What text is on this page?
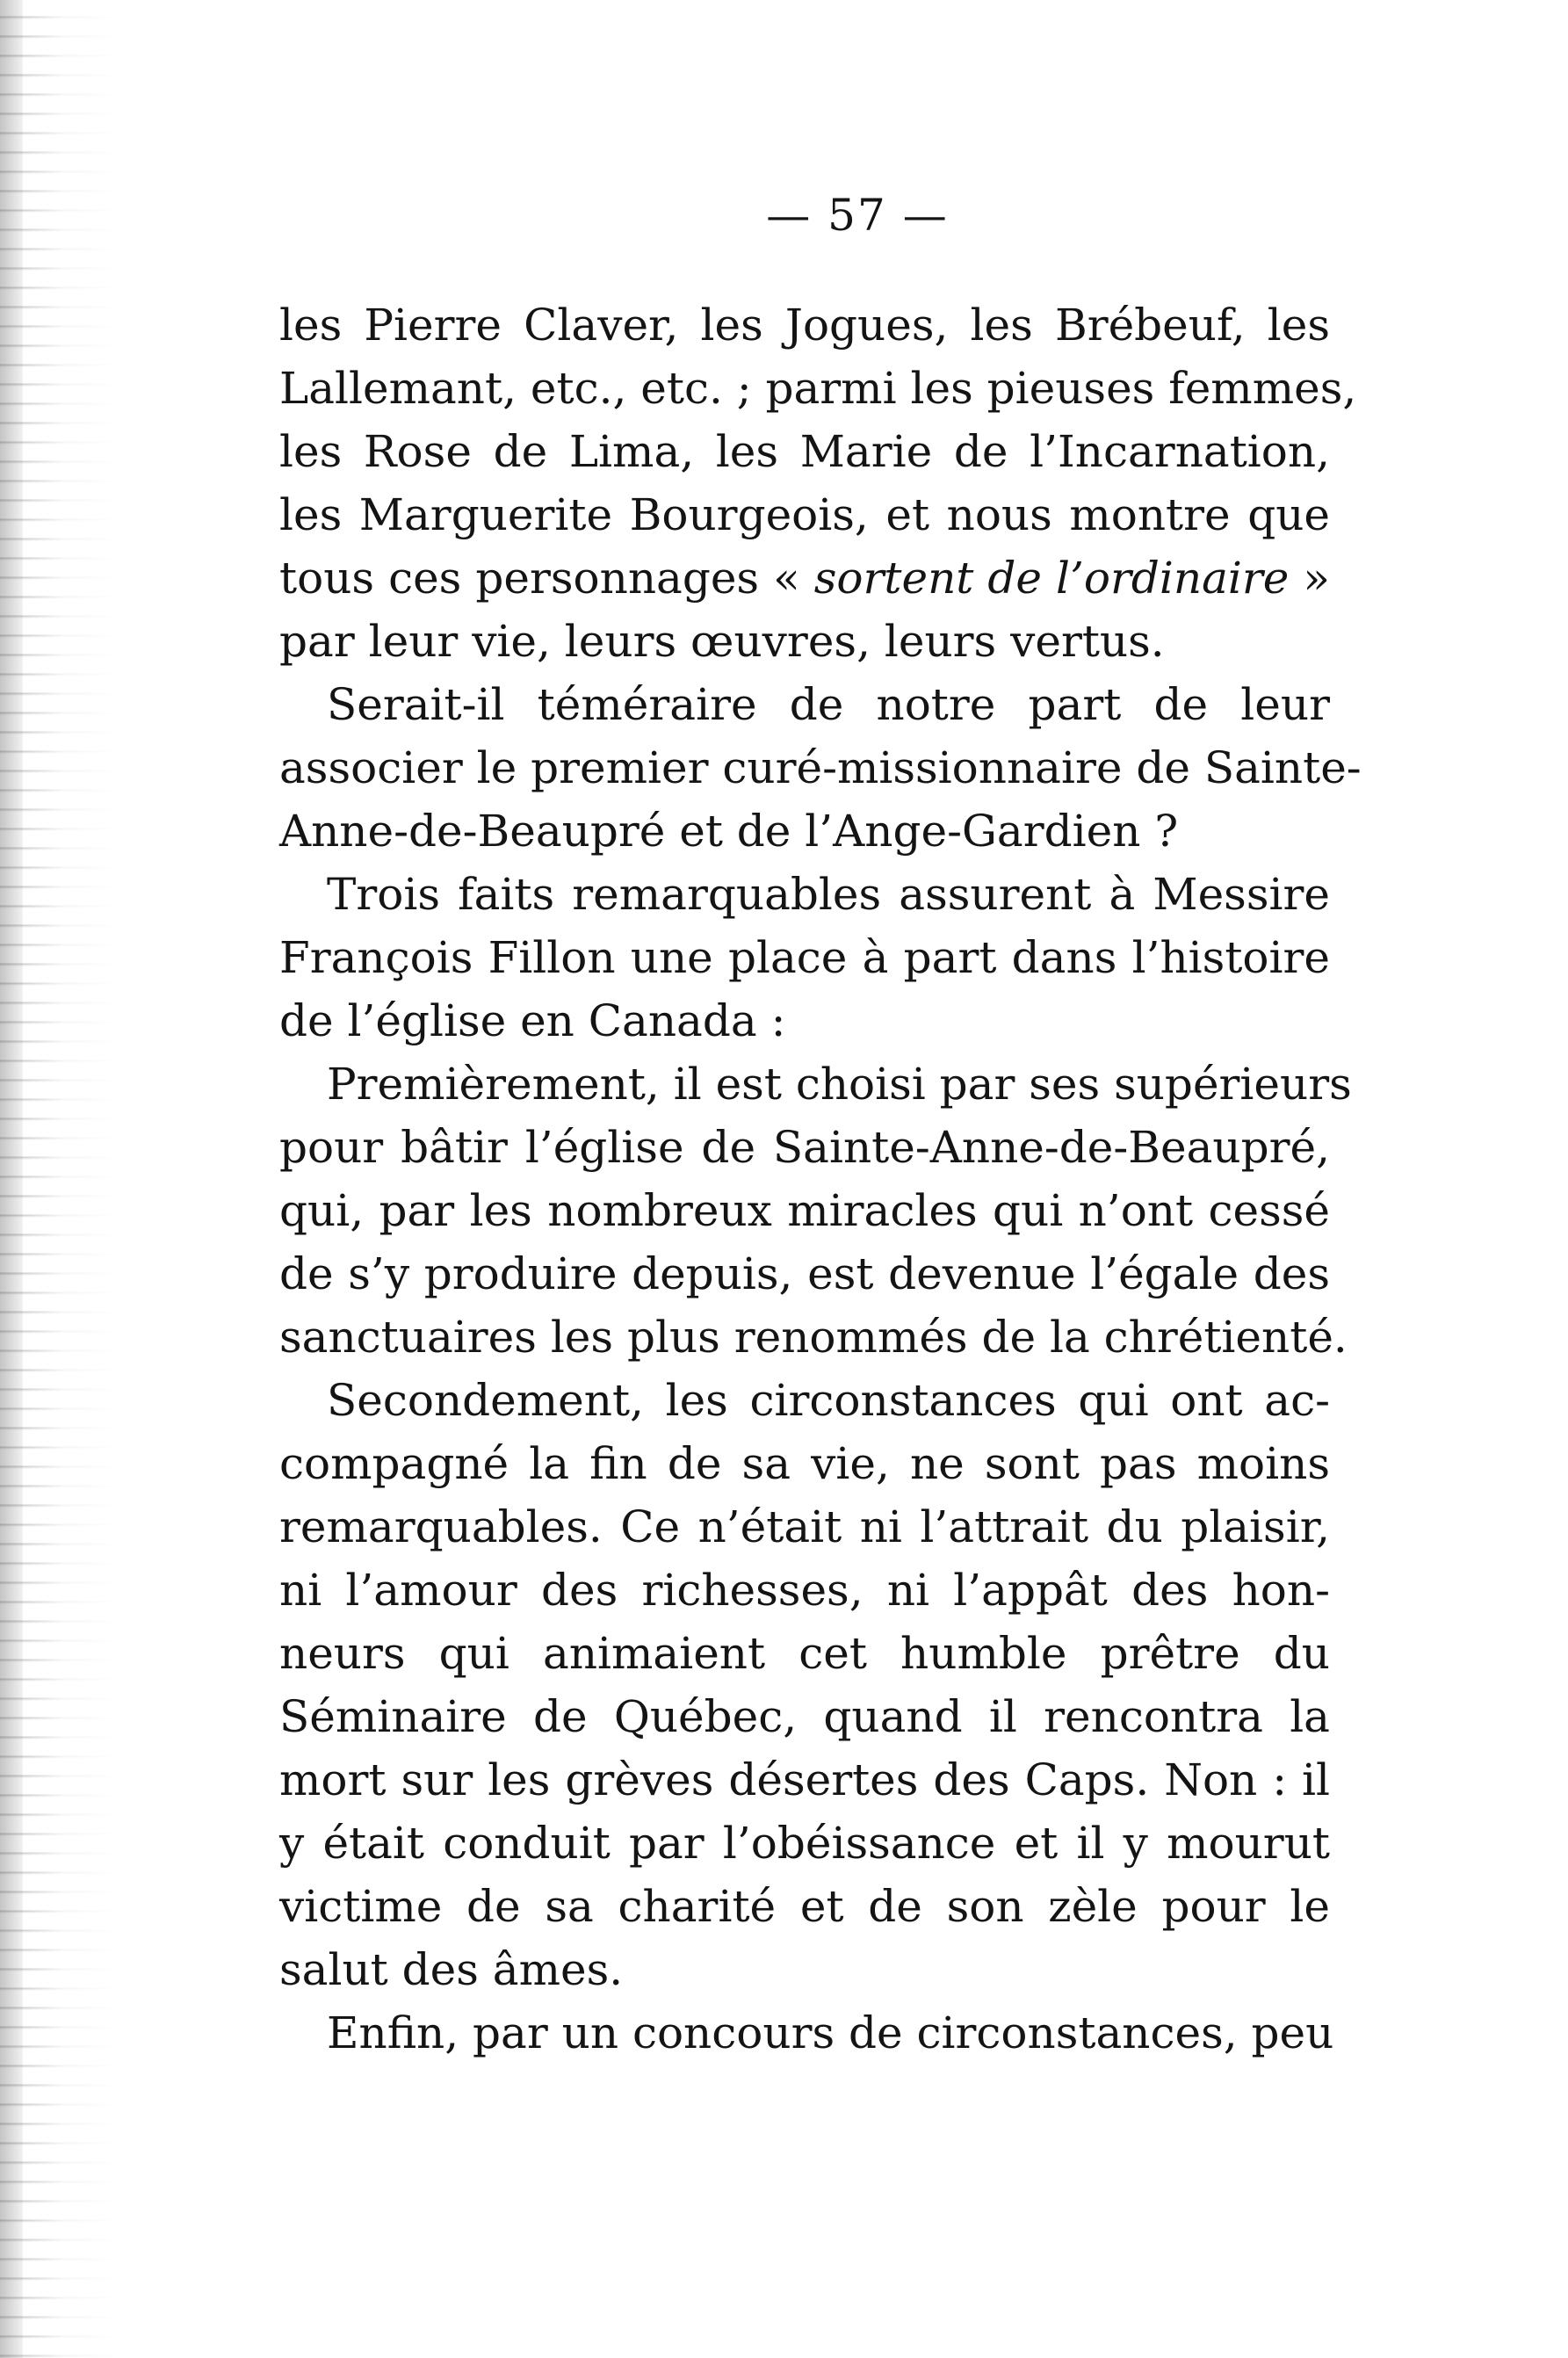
— 57 —
les Pierre Claver, les Jogues, les Brébeuf, les
Lallemant, etc., etc. ; parmi les pieuses femmes,
les Rose de Lima, les Marie de l’Incarnation,
les Marguerite Bourgeois, et nous montre que
tous ces personnages « sortent de l’ordinaire »
par leur vie, leurs œuvres, leurs vertus.
Serait-il téméraire de notre part de leur
associer le premier curé-missionnaire de Sainte-
Anne-de-Beaupré et de l’Ange-Gardien ?
Trois faits remarquables assurent à Messire
François Fillon une place à part dans l’histoire
de l’église en Canada :
Premièrement, il est choisi par ses supérieurs
pour bâtir l’église de Sainte-Anne-de-Beaupré,
qui, par les nombreux miracles qui n’ont cessé
de s’y produire depuis, est devenue l’égale des
sanctuaires les plus renommés de la chrétienté.
Secondement, les circonstances qui ont ac-
compagné la fin de sa vie, ne sont pas moins
remarquables. Ce n’était ni l’attrait du plaisir,
ni l’amour des richesses, ni l’appât des hon-
neurs qui animaient cet humble prêtre du
Séminaire de Québec, quand il rencontra la
mort sur les grèves désertes des Caps. Non : il
y était conduit par l’obéissance et il y mourut
victime de sa charité et de son zèle pour le
salut des âmes.
Enfin, par un concours de circonstances, peu
